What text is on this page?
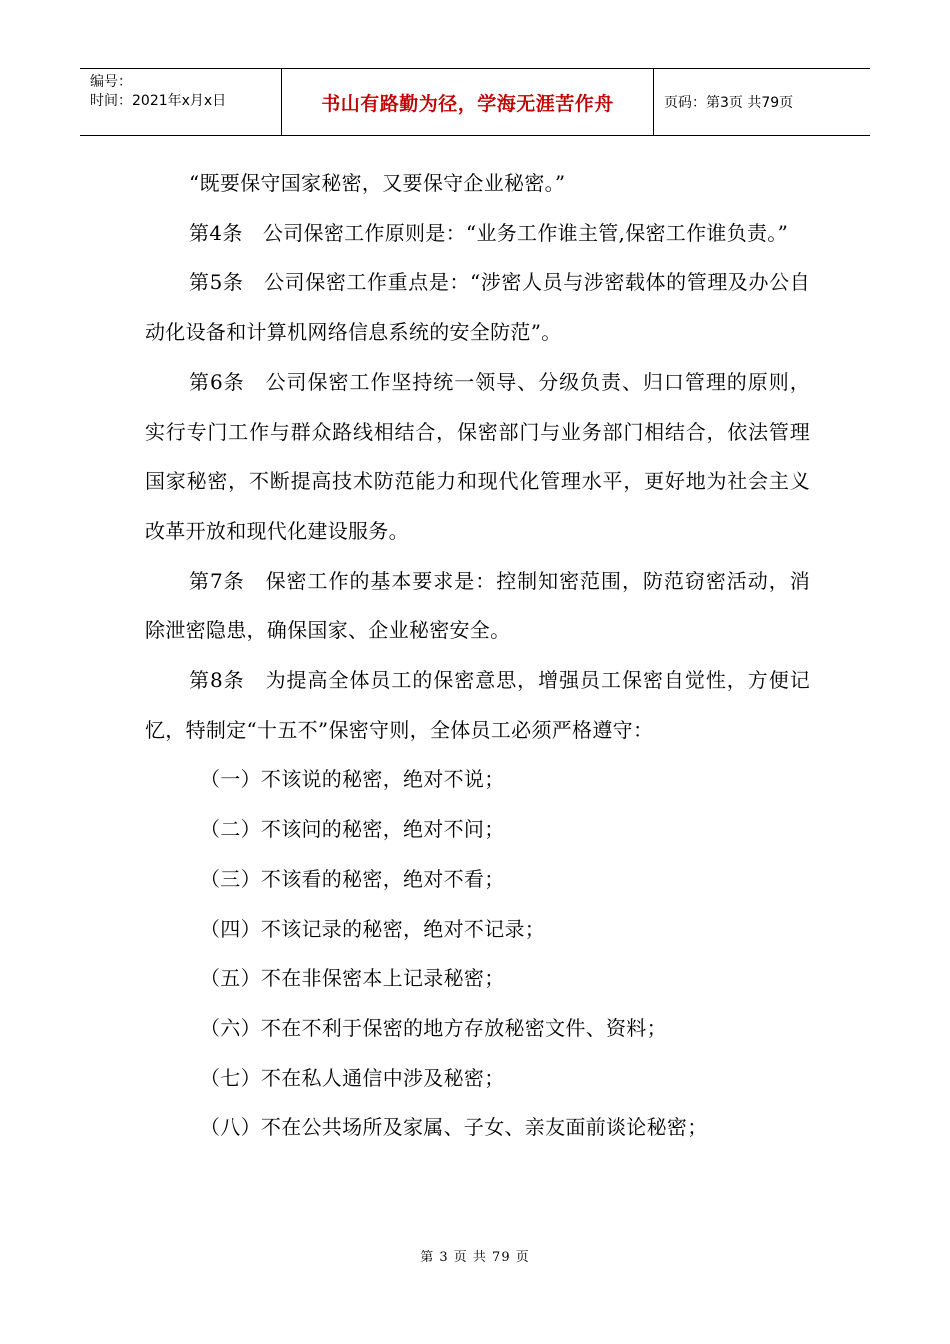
编号：
时间：2021年x月x日	书山有路勤为径，学海无涯苦作舟	页码：第3页 共79页

“既要保守国家秘密，又要保守企业秘密。”

第4条　公司保密工作原则是：“业务工作谁主管,保密工作谁负责。”

第5条　公司保密工作重点是：“涉密人员与涉密载体的管理及办公自动化设备和计算机网络信息系统的安全防范”。

第6条　公司保密工作坚持统一领导、分级负责、归口管理的原则，实行专门工作与群众路线相结合，保密部门与业务部门相结合，依法管理国家秘密，不断提高技术防范能力和现代化管理水平，更好地为社会主义改革开放和现代化建设服务。

第7条　保密工作的基本要求是：控制知密范围，防范窃密活动，消除泄密隐患，确保国家、企业秘密安全。

第8条　为提高全体员工的保密意思，增强员工保密自觉性，方便记忆，特制定“十五不”保密守则，全体员工必须严格遵守：

（一）不该说的秘密，绝对不说；

（二）不该问的秘密，绝对不问；

（三）不该看的秘密，绝对不看；

（四）不该记录的秘密，绝对不记录；

（五）不在非保密本上记录秘密；

（六）不在不利于保密的地方存放秘密文件、资料；

（七）不在私人通信中涉及秘密；

（八）不在公共场所及家属、子女、亲友面前谈论秘密；

第 3 页 共 79 页
